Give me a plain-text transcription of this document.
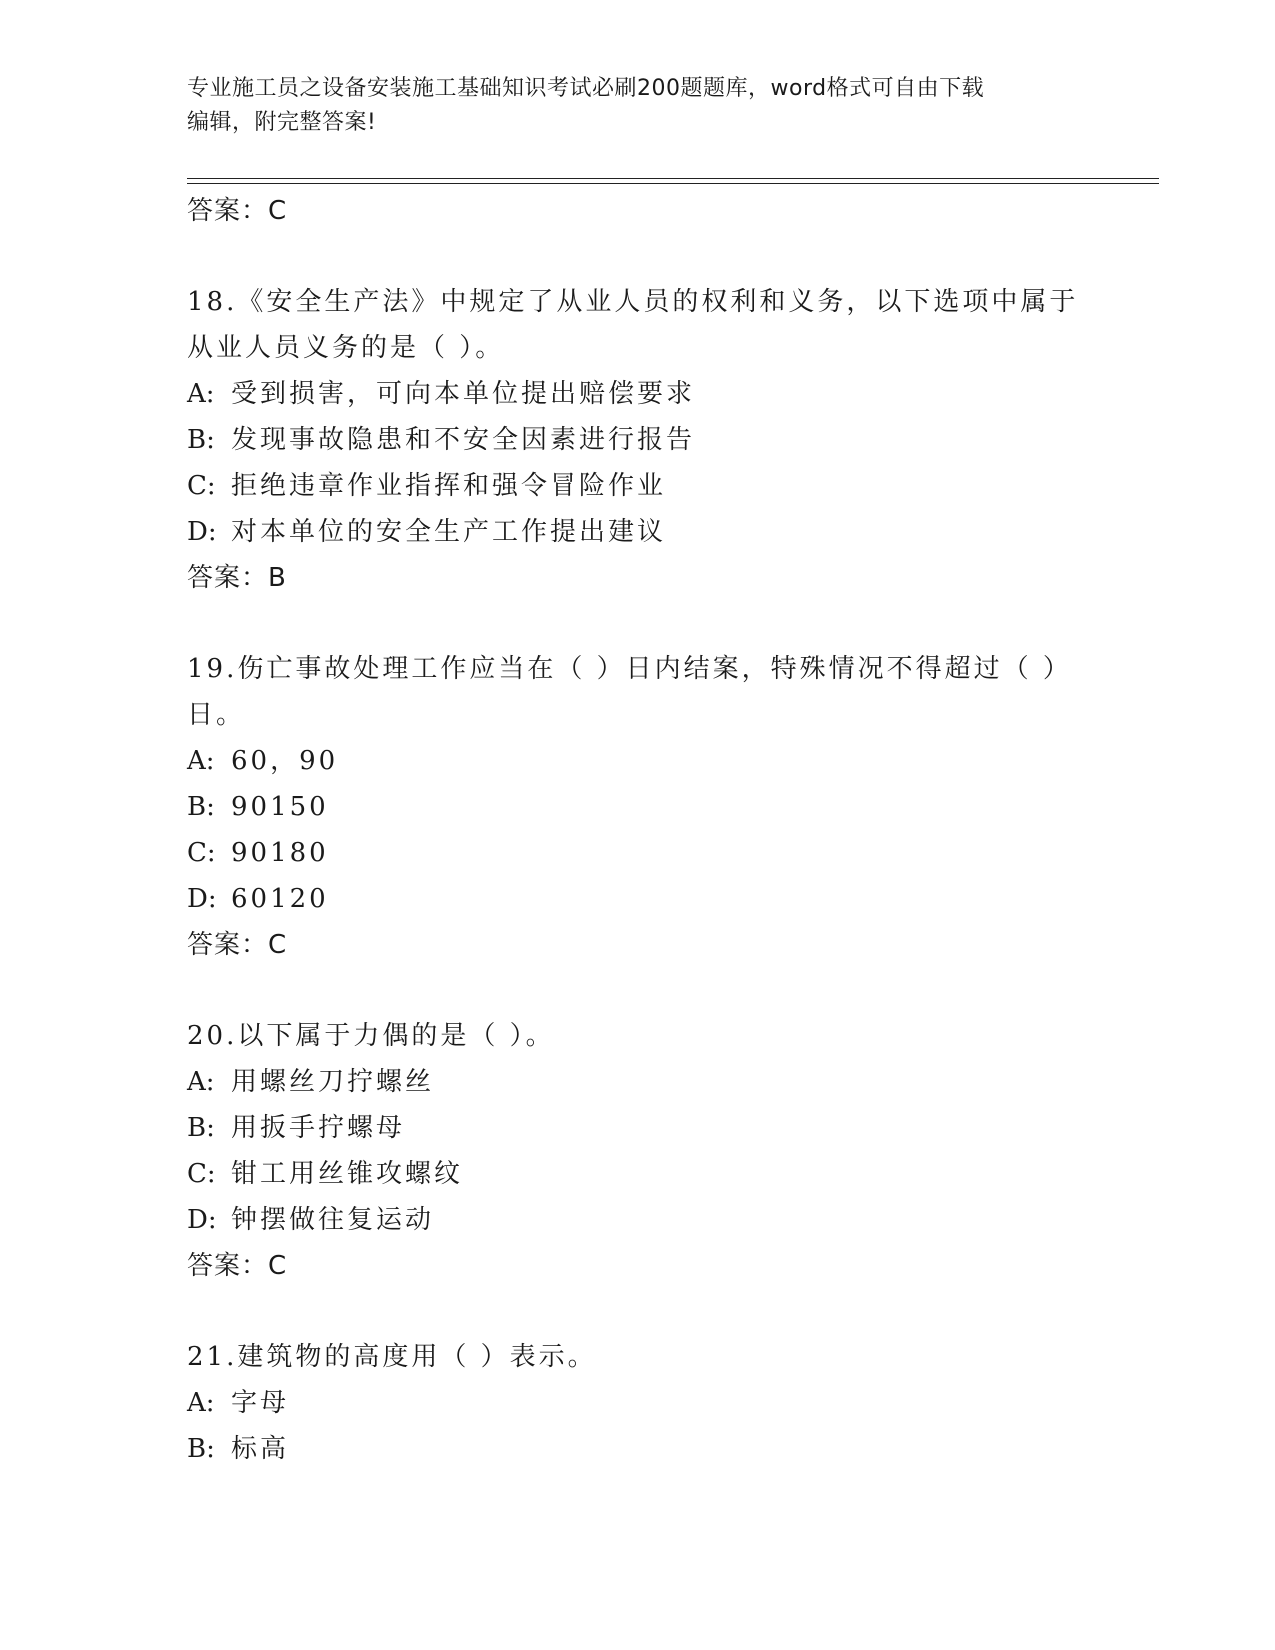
专业施工员之设备安装施工基础知识考试必刷200题题库，word格式可自由下载
编辑，附完整答案!
答案：C
18.《安全生产法》中规定了从业人员的权利和义务，以下选项中属于
从业人员义务的是（ ）。
A: 受到损害，可向本单位提出赔偿要求
B: 发现事故隐患和不安全因素进行报告
C: 拒绝违章作业指挥和强令冒险作业
D: 对本单位的安全生产工作提出建议
答案：B
19.伤亡事故处理工作应当在（ ）日内结案，特殊情况不得超过（ ）
日。
A: 60，90
B: 90150
C: 90180
D: 60120
答案：C
20.以下属于力偶的是（ ）。
A: 用螺丝刀拧螺丝
B: 用扳手拧螺母
C: 钳工用丝锥攻螺纹
D: 钟摆做往复运动
答案：C
21.建筑物的高度用（ ）表示。
A: 字母
B: 标高
